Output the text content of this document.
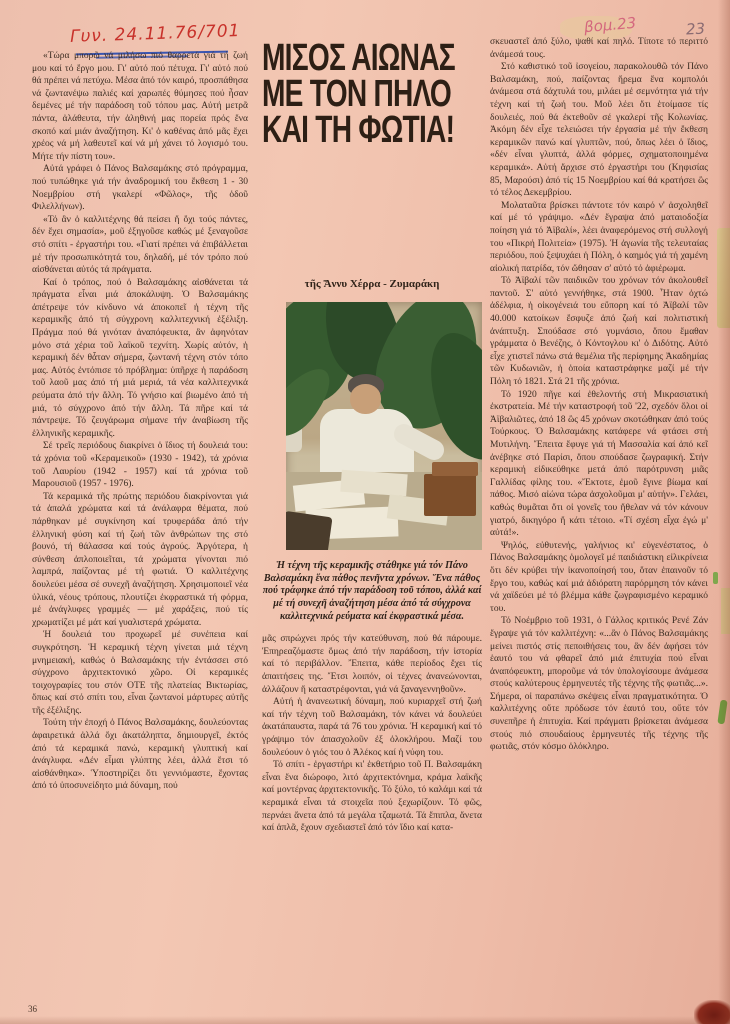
Γυν. 24.11.76/701	βομ.23	23

«Τώρα μπορῶ νά μιλήσω πιό θαρρετά γιά τή ζωή μου καί τό ἔργο μου. Γι' αὐτό πού πέτυχα. Γι' αὐτό πού θά πρέπει νά πετύχω. Μέσα ἀπό τόν καιρό, προσπάθησα νά ζωντανέψω παλιές καί χαρωπές θύμησες πού ἦσαν δεμένες μέ τήν παράδοση τοῦ τόπου μας. Αὐτή μετρᾶ πάντα, ἀλάθευτα, τήν ἀληθινή μας πορεία πρός ἕνα σκοπό καί μιάν ἀναζήτηση. Κι' ὁ καθένας ἀπό μᾶς ἔχει χρέος νά μή λαθευτεῖ καί νά μή χάνει τό λογισμό του. Μήτε τήν πίστη του».

Αὐτά γράφει ὁ Πάνος Βαλσαμάκης στό πρόγραμμα, πού τυπώθηκε γιά τήν ἀναδρομική του ἔκθεση 1 - 30 Νοεμβρίου στή γκαλερί «Φῶλος», τῆς ὁδοῦ Φιλελλήνων).

«Τό ἂν ὁ καλλιτέχνης θά πείσει ἤ ὄχι τούς πάντες, δέν ἔχει σημασία», μοῦ ἐξηγοῦσε καθώς μέ ξεναγοῦσε στό σπίτι - ἐργαστήρι του. «Γιατί πρέπει νά ἐπιβάλλεται μέ τήν προσωπικότητά του, δηλαδή, μέ τόν τρόπο πού αἰσθάνεται αὐτός τά πράγματα.

Καί ὁ τρόπος, πού ὁ Βαλσαμάκης αἰσθάνεται τά πράγματα εἶναι μιά ἀποκάλυψη. Ὁ Βαλσαμάκης ἀπέτρεψε τόν κίνδυνο νά ἀποκοπεῖ ἡ τέχνη τῆς κεραμικῆς ἀπό τή σύγχρονη καλλιτεχνική ἐξέλιξη. Πράγμα πού θά γινόταν ἀναπόφευκτα, ἂν ἀφηνόταν μόνο στά χέρια τοῦ λαϊκοῦ τεχνίτη. Χωρίς αὐτόν, ἡ κεραμική δέν θἆταν σήμερα, ζωντανή τέχνη στόν τόπο μας. Αὐτός ἐντόπισε τό πρόβλημα: ὑπῆρχε ἡ παράδοση τοῦ λαοῦ μας ἀπό τή μιά μεριά, τά νέα καλλιτεχνικά ρεύματα ἀπό τήν ἄλλη. Τό γνήσιο καί βιωμένο ἀπό τή μιά, τό σύγχρονο ἀπό τήν ἄλλη. Τά πῆρε καί τά πάντρεψε. Τό ζευγάρωμα σήμανε τήν ἀναβίωση τῆς ἑλληνικῆς κεραμικῆς.

Σέ τρεῖς περιόδους διακρίνει ὁ ἴδιος τή δουλειά του: τά χρόνια τοῦ «Κεραμεικοῦ» (1930 - 1942), τά χρόνια τοῦ Λαυρίου (1942 - 1957) καί τά χρόνια τοῦ Μαρουσιοῦ (1957 - 1976).

Τά κεραμικά τῆς πρώτης περιόδου διακρίνονται γιά τά ἁπαλά χρώματα καί τά ἀνάλαφρα θέματα, πού πάρθηκαν μέ συγκίνηση καί τρυφεράδα ἀπό τήν ἑλληνική φύση καί τή ζωή τῶν ἀνθρώπων της στό βουνό, τή θάλασσα καί τούς ἀγρούς. Ἀργότερα, ἡ σύνθεση ἁπλοποιεῖται, τά χρώματα γίνονται πιό λαμπρά, παίζοντας μέ τή φωτιά. Ὁ καλλιτέχνης δουλεύει μέσα σέ συνεχῆ ἀναζήτηση. Χρησιμοποιεῖ νέα ὑλικά, νέους τρόπους, πλουτίζει ἐκφραστικά τή φόρμα, μέ ἀνάγλυφες γραμμές — μέ χαράξεις, πού τίς χρωματίζει μέ μάτ καί γυαλιστερά χρώματα.

Ἡ δουλειά του προχωρεῖ μέ συνέπεια καί συγκρότηση. Ἡ κεραμική τέχνη γίνεται μιά τέχνη μνημειακή, καθώς ὁ Βαλσαμάκης τήν ἐντάσσει στό σύγχρονο ἀρχιτεκτονικό χῶρο. Οἱ κεραμικές τοιχογραφίες του στόν ΟΤΕ τῆς πλατείας Βικτωρίας, ὅπως καί στό σπίτι του, εἶναι ζωντανοί μάρτυρες αὐτῆς τῆς ἐξέλιξης.

Τούτη τήν ἐποχή ὁ Πάνος Βαλσαμάκης, δουλεύοντας ἀφαιρετικά ἀλλά ὄχι ἀκατάληπτα, δημιουργεῖ, ἐκτός ἀπό τά κεραμικά πανώ, κεραμική γλυπτική καί ἀνάγλυφα. «Δέν εἶμαι γλύπτης λέει, ἀλλά ἔτσι τό αἰσθάνθηκα». Ὑποστηρίζει ὅτι γεννιόμαστε, ἔχοντας ἀπό τό ὑποσυνείδητο μιά δύναμη, πού

ΜΙΣΟΣ ΑΙΩΝΑΣ
ΜΕ ΤΟΝ ΠΗΛΟ
ΚΑΙ ΤΗ ΦΩΤΙΑ!
τῆς Ἄννυ Χέρρα - Ζυμαράκη
Ἡ τέχνη τῆς κεραμικῆς στάθηκε γιά τόν Πάνο Βαλσαμάκη ἕνα πάθος πενῆντα χρόνων. Ἕνα πάθος πού τράφηκε ἀπό τήν παράδοση τοῦ τόπου, ἀλλά καί μέ τή συνεχῆ ἀναζήτηση μέσα ἀπό τά σύγχρονα καλλιτεχνικά ρεύματα καί ἐκφραστικά μέσα.

μᾶς σπρώχνει πρός τήν κατεύθυνση, πού θά πάρουμε. Ἐπηρεαζόμαστε ὅμως ἀπό τήν παράδοση, τήν ἱστορία καί τό περιβάλλον. Ἔπειτα, κάθε περίοδος ἔχει τίς ἀπαιτήσεις της. Ἔτσι λοιπόν, οἱ τέχνες ἀνανεώνονται, ἀλλάζουν ἤ καταστρέφονται, γιά νά ξαναγεννηθοῦν».

Αὐτή ἡ ἀνανεωτική δύναμη, πού κυριαρχεῖ στή ζωή καί τήν τέχνη τοῦ Βαλσαμάκη, τόν κάνει νά δουλεύει ἀκατάπαυστα, παρά τά 76 του χρόνια. Ἡ κεραμική καί τό γράψιμο τόν ἀπασχολοῦν ἐξ ὁλοκλήρου. Μαζί του δουλεύουν ὁ γιός του ὁ Ἀλέκος καί ἡ νύφη του.

Τό σπίτι - ἐργαστήρι κι' ἐκθετήριο τοῦ Π. Βαλσαμάκη εἶναι ἕνα διώροφο, λιτό ἀρχιτεκτόνημα, κράμα λαϊκῆς καί μοντέρνας ἀρχιτεκτονικῆς. Τό ξύλο, τό καλάμι καί τά κεραμικά εἶναι τά στοιχεῖα πού ξεχωρίζουν. Τό φῶς, περνάει ἄνετα ἀπό τά μεγάλα τζαμωτά. Τά ἔπιπλα, ἄνετα καί ἁπλᾶ, ἔχουν σχεδιαστεῖ ἀπό τόν ἴδιο καί κατα-

σκευαστεῖ ἀπό ξύλο, ψαθί καί πηλό. Τίποτε τό περιττό ἀνάμεσά τους.

Στό καθιστικό τοῦ ἰσογείου, παρακολουθῶ τόν Πάνο Βαλσαμάκη, πού, παίζοντας ἤρεμα ἕνα κομπολόι ἀνάμεσα στά δάχτυλά του, μιλάει μέ σεμνότητα γιά τήν τέχνη καί τή ζωή του. Μοῦ λέει ὅτι ἑτοίμασε τίς δουλειές, πού θά ἐκτεθοῦν σέ γκαλερί τῆς Κολωνίας. Ἀκόμη δέν εἶχε τελειώσει τήν ἐργασία μέ τήν ἔκθεση κεραμικῶν πανώ καί γλυπτῶν, πού, ὅπως λέει ὁ ἴδιος, «δέν εἶναι γλυπτά, ἀλλά φόρμες, σχηματοποιημένα κεραμικά». Αὐτή ἄρχισε στό ἐργαστήρι του (Κηφισίας 85, Μαρούσι) ἀπό τίς 15 Νοεμβρίου καί θά κρατήσει ὣς τό τέλος Δεκεμβρίου.

Μολαταῦτα βρίσκει πάντοτε τόν καιρό ν' ἀσχοληθεῖ καί μέ τό γράψιμο. «Δέν ἔγραψα ἀπό ματαιοδοξία ποίηση γιά τό Ἀϊβαλί», λέει ἀναφερόμενος στή συλλογή του «Πικρή Πολιτεία» (1975). Ἡ ἀγωνία τῆς τελευταίας περιόδου, πού ξεψυχάει ἡ Πόλη, ὁ καημός γιά τή χαμένη αἰολική πατρίδα, τόν ὤθησαν σ' αὐτό τό ἀφιέρωμα.

Τό Ἀϊβαλί τῶν παιδικῶν του χρόνων τόν ἀκολουθεῖ παντοῦ. Σ' αὐτό γεννήθηκε, στά 1900. Ἦταν ὀχτώ ἀδέλφια, ἡ οἰκογένειά του εὔπορη καί τό Ἀϊβαλί τῶν 40.000 κατοίκων ἔσφυζε ἀπό ζωή καί πολιτιστική ἀνάπτυξη. Σπούδασε στό γυμνάσιο, ὅπου ἔμαθαν γράμματα ὁ Βενέζης, ὁ Κόντογλου κι' ὁ Διδότης. Αὐτό εἶχε χτιστεῖ πάνω στά θεμέλια τῆς περίφημης Ἀκαδημίας τῶν Κυδωνιῶν, ἡ ὁποία καταστράφηκε μαζί μέ τήν Πόλη τό 1821. Στά 21 τῆς χρόνια.

Τό 1920 πῆγε καί ἐθελοντής στή Μικρασιατική ἐκστρατεία. Μέ τήν καταστροφή τοῦ '22, σχεδόν ὅλοι οἱ Ἀϊβαλιῶτες, ἀπό 18 ὣς 45 χρόνων σκοτώθηκαν ἀπό τούς Τούρκους. Ὁ Βαλσαμάκης κατάφερε νά φτάσει στή Μυτιλήνη. Ἔπειτα ἔφυγε γιά τή Μασσαλία καί ἀπό κεῖ ἀνέβηκε στό Παρίσι, ὅπου σπούδασε ζωγραφική. Στήν κεραμική εἰδικεύθηκε μετά ἀπό παρότρυνση μιᾶς Γαλλίδας φίλης του. «Ἔκτοτε, ἐμοῦ ἔγινε βίωμα καί πάθος. Μισό αἰώνα τώρα ἀσχολοῦμαι μ' αὐτήν». Γελάει, καθώς θυμᾶται ὅτι οἱ γονεῖς του ἤθελαν νά τόν κάνουν γιατρό, δικηγόρο ἤ κάτι τέτοιο. «Τί σχέση εἶχα ἐγώ μ' αὐτά!».

Ψηλός, εὐθυτενής, γαλήνιος κι' εὐγενέστατος, ὁ Πάνος Βαλσαμάκης ὁμολογεῖ μέ παιδιάστικη εἰλικρίνεια ὅτι δέν κρύβει τήν ἱκανοποίησή του, ὅταν ἐπαινοῦν τό ἔργο του, καθώς καί μιά ἀδιόρατη παρόρμηση τόν κάνει νά χαϊδεύει μέ τό βλέμμα κάθε ζωγραφισμένο κεραμικό του.

Τό Νοέμβριο τοῦ 1931, ὁ Γάλλος κριτικός Ρενέ Ζάν ἔγραψε γιά τόν καλλιτέχνη: «...ἂν ὁ Πάνος Βαλσαμάκης μείνει πιστός στίς πεποιθήσεις του, ἂν δέν ἀφήσει τόν ἑαυτό του νά φθαρεῖ ἀπό μιά ἐπιτυχία πού εἶναι ἀναπόφευκτη, μποροῦμε νά τόν ὑπολογίσουμε ἀνάμεσα στούς καλύτερους ἑρμηνευτές τῆς τέχνης τῆς φωτιᾶς...». Σήμερα, οἱ παραπάνω σκέψεις εἶναι πραγματικότητα. Ὁ καλλιτέχνης οὔτε πρόδωσε τόν ἑαυτό του, οὔτε τόν συνεπῆρε ἡ ἐπιτυχία. Καί πράγματι βρίσκεται ἀνάμεσα στούς πιό σπουδαίους ἑρμηνευτές τῆς τέχνης τῆς φωτιᾶς, στόν κόσμο ὁλόκληρο.

36
